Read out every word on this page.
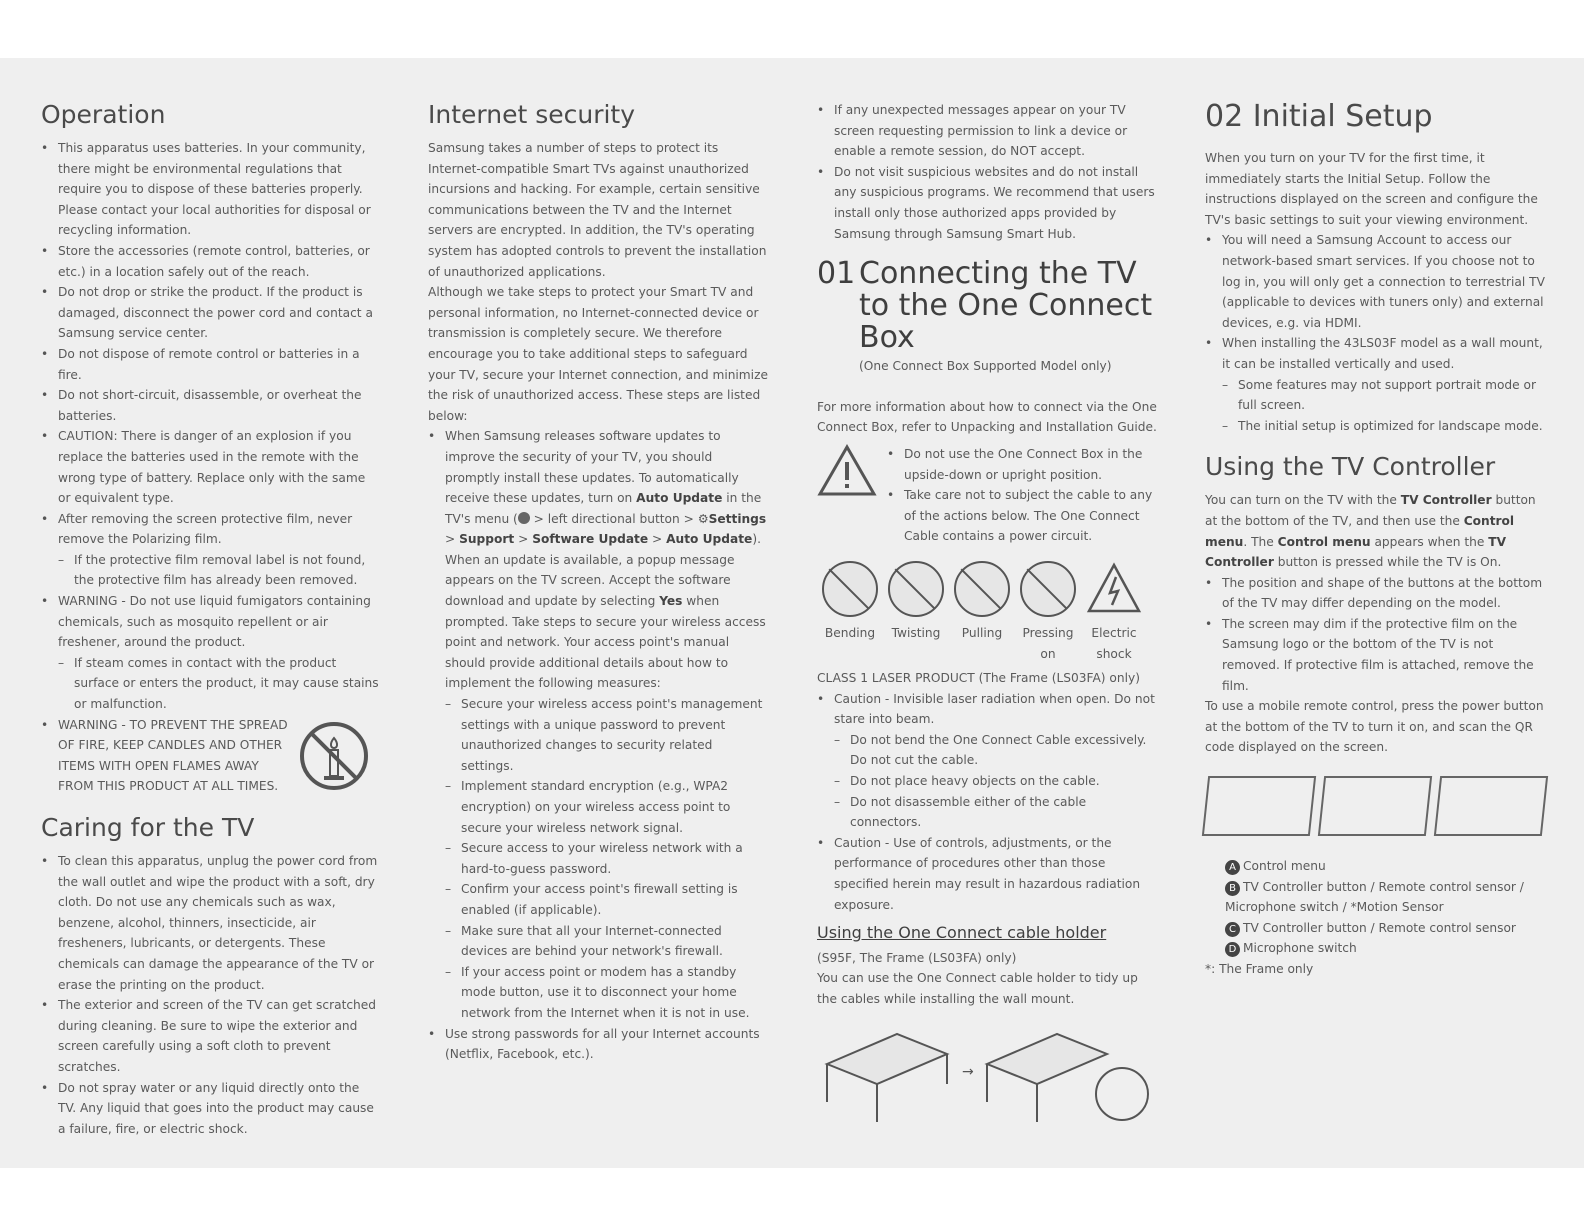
Operation
• This apparatus uses batteries. In your community, there might be environmental regulations that require you to dispose of these batteries properly. Please contact your local authorities for disposal or recycling information.
• Store the accessories (remote control, batteries, or etc.) in a location safely out of the reach.
• Do not drop or strike the product. If the product is damaged, disconnect the power cord and contact a Samsung service center.
• Do not dispose of remote control or batteries in a fire.
• Do not short-circuit, disassemble, or overheat the batteries.
• CAUTION: There is danger of an explosion if you replace the batteries used in the remote with the wrong type of battery. Replace only with the same or equivalent type.
• After removing the screen protective film, never remove the Polarizing film.
– If the protective film removal label is not found, the protective film has already been removed.
• WARNING - Do not use liquid fumigators containing chemicals, such as mosquito repellent or air freshener, around the product.
– If steam comes in contact with the product surface or enters the product, it may cause stains or malfunction.
• WARNING - TO PREVENT THE SPREAD OF FIRE, KEEP CANDLES AND OTHER ITEMS WITH OPEN FLAMES AWAY FROM THIS PRODUCT AT ALL TIMES.
Caring for the TV
• To clean this apparatus, unplug the power cord from the wall outlet and wipe the product with a soft, dry cloth. Do not use any chemicals such as wax, benzene, alcohol, thinners, insecticide, air fresheners, lubricants, or detergents. These chemicals can damage the appearance of the TV or erase the printing on the product.
• The exterior and screen of the TV can get scratched during cleaning. Be sure to wipe the exterior and screen carefully using a soft cloth to prevent scratches.
• Do not spray water or any liquid directly onto the TV. Any liquid that goes into the product may cause a failure, fire, or electric shock.
Internet security

Samsung takes a number of steps to protect its Internet-compatible Smart TVs against unauthorized incursions and hacking. For example, certain sensitive communications between the TV and the Internet servers are encrypted. In addition, the TV's operating system has adopted controls to prevent the installation of unauthorized applications.

Although we take steps to protect your Smart TV and personal information, no Internet-connected device or transmission is completely secure. We therefore encourage you to take additional steps to safeguard your TV, secure your Internet connection, and minimize the risk of unauthorized access. These steps are listed below:

• When Samsung releases software updates to improve the security of your TV, you should promptly install these updates. To automatically receive these updates, turn on Auto Update in the TV's menu ( > left directional button > ⚙Settings > Support > Software Update > Auto Update). When an update is available, a popup message appears on the TV screen. Accept the software download and update by selecting Yes when prompted. Take steps to secure your wireless access point and network. Your access point's manual should provide additional details about how to implement the following measures:
– Secure your wireless access point's management settings with a unique password to prevent unauthorized changes to security related settings.
– Implement standard encryption (e.g., WPA2 encryption) on your wireless access point to secure your wireless network signal.
– Secure access to your wireless network with a hard-to-guess password.
– Confirm your access point's firewall setting is enabled (if applicable).
– Make sure that all your Internet-connected devices are behind your network's firewall.
– If your access point or modem has a standby mode button, use it to disconnect your home network from the Internet when it is not in use.
• Use strong passwords for all your Internet accounts (Netflix, Facebook, etc.).
• If any unexpected messages appear on your TV screen requesting permission to link a device or enable a remote session, do NOT accept.
• Do not visit suspicious websites and do not install any suspicious programs. We recommend that users install only those authorized apps provided by Samsung through Samsung Smart Hub.
01 Connecting the TV to the One Connect Box

(One Connect Box Supported Model only)

For more information about how to connect via the One Connect Box, refer to Unpacking and Installation Guide.

• Do not use the One Connect Box in the upside-down or upright position.
• Take care not to subject the cable to any of the actions below. The One Connect Cable contains a power circuit.
Bending	Twisting	Pulling	Pressing on
Electric shock

CLASS 1 LASER PRODUCT (The Frame (LS03FA) only)

• Caution - Invisible laser radiation when open. Do not stare into beam.
– Do not bend the One Connect Cable excessively. Do not cut the cable.
– Do not place heavy objects on the cable.
– Do not disassemble either of the cable connectors.
• Caution - Use of controls, adjustments, or the performance of procedures other than those specified herein may result in hazardous radiation exposure.
Using the One Connect cable holder

(S95F, The Frame (LS03FA) only)

You can use the One Connect cable holder to tidy up the cables while installing the wall mount.

→
02 Initial Setup

When you turn on your TV for the first time, it immediately starts the Initial Setup. Follow the instructions displayed on the screen and configure the TV's basic settings to suit your viewing environment.

• You will need a Samsung Account to access our network-based smart services. If you choose not to log in, you will only get a connection to terrestrial TV (applicable to devices with tuners only) and external devices, e.g. via HDMI.
• When installing the 43LS03F model as a wall mount, it can be installed vertically and used.
– Some features may not support portrait mode or full screen.
– The initial setup is optimized for landscape mode.
Using the TV Controller

You can turn on the TV with the TV Controller button at the bottom of the TV, and then use the Control menu. The Control menu appears when the TV Controller button is pressed while the TV is On.

• The position and shape of the buttons at the bottom of the TV may differ depending on the model.
• The screen may dim if the protective film on the Samsung logo or the bottom of the TV is not removed. If protective film is attached, remove the film.

To use a mobile remote control, press the power button at the bottom of the TV to turn it on, and scan the QR code displayed on the screen.

A Control menu
B TV Controller button / Remote control sensor / Microphone switch / *Motion Sensor
C TV Controller button / Remote control sensor
D Microphone switch

*: The Frame only
